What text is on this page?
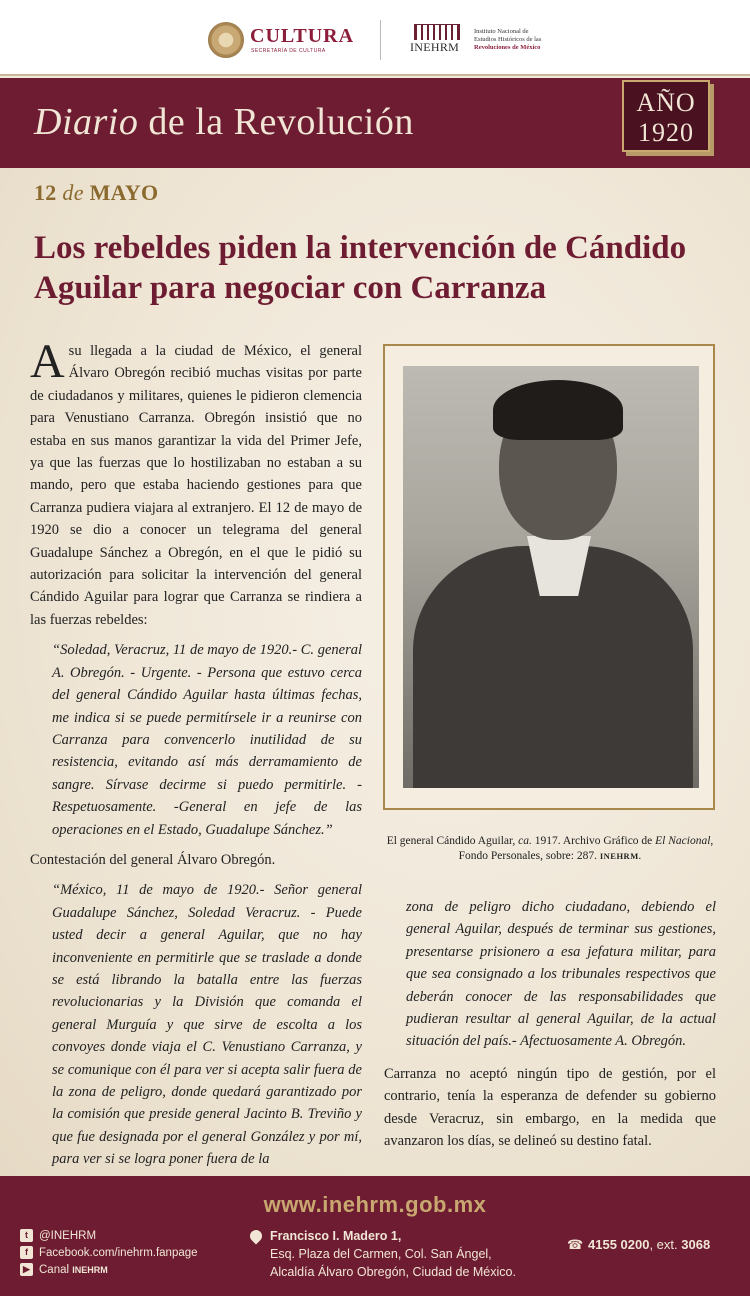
CULTURA
SECRETARÍA DE CULTURA	INEHRM
Instituto Nacional de
Estudios Históricos de las
Revoluciones de México
Diario de la Revolución	AÑO
1920
12 de MAYO
Los rebeldes piden la intervención de Cándido Aguilar para negociar con Carranza

Asu llegada a la ciudad de México, el general Álvaro Obregón recibió muchas visitas por parte de ciudadanos y militares, quienes le pidieron clemencia para Venustiano Carranza. Obregón insistió que no estaba en sus manos garantizar la vida del Primer Jefe, ya que las fuerzas que lo hostilizaban no estaban a su mando, pero que estaba haciendo gestiones para que Carranza pudiera viajara al extranjero. El 12 de mayo de 1920 se dio a conocer un telegrama del general Guadalupe Sánchez a Obregón, en el que le pidió su autorización para solicitar la intervención del general Cándido Aguilar para lograr que Carranza se rindiera a las fuerzas rebeldes:

“Soledad, Veracruz, 11 de mayo de 1920.- C. general A. Obregón. - Urgente. - Persona que estuvo cerca del general Cándido Aguilar hasta últimas fechas, me indica si se puede permitírsele ir a reunirse con Carranza para convencerlo inutilidad de su resistencia, evitando así más derramamiento de sangre. Sírvase decirme si puedo permitirle. - Respetuosamente. -General en jefe de las operaciones en el Estado, Guadalupe Sánchez.”

Contestación del general Álvaro Obregón.

“México, 11 de mayo de 1920.- Señor general Guadalupe Sánchez, Soledad Veracruz. - Puede usted decir a general Aguilar, que no hay inconveniente en permitirle que se traslade a donde se está librando la batalla entre las fuerzas revolucionarias y la División que comanda el general Murguía y que sirve de escolta a los convoyes donde viaja el C. Venustiano Carranza, y se comunique con él para ver si acepta salir fuera de la zona de peligro, donde quedará garantizado por la comisión que preside general Jacinto B. Treviño y que fue designada por el general González y por mí, para ver si se logra poner fuera de la

El general Cándido Aguilar, ca. 1917. Archivo Gráfico de El Nacional,
Fondo Personales, sobre: 287. INEHRM.

zona de peligro dicho ciudadano, debiendo el general Aguilar, después de terminar sus gestiones, presentarse prisionero a esa jefatura militar, para que sea consignado a los tribunales respectivos que deberán conocer de las responsabilidades que pudieran resultar al general Aguilar, de la actual situación del país.- Afectuosamente A. Obregón.

Carranza no aceptó ningún tipo de gestión, por el contrario, tenía la esperanza de defender su gobierno desde Veracruz, sin embargo, en la medida que avanzaron los días, se delineó su destino fatal.

www.inehrm.gob.mx
t @INEHRM
f Facebook.com/inehrm.fanpage
▶ Canal INEHRM
Francisco I. Madero 1,
Esq. Plaza del Carmen, Col. San Ángel,
Alcaldía Álvaro Obregón, Ciudad de México.
☎ 4155 0200, ext. 3068
